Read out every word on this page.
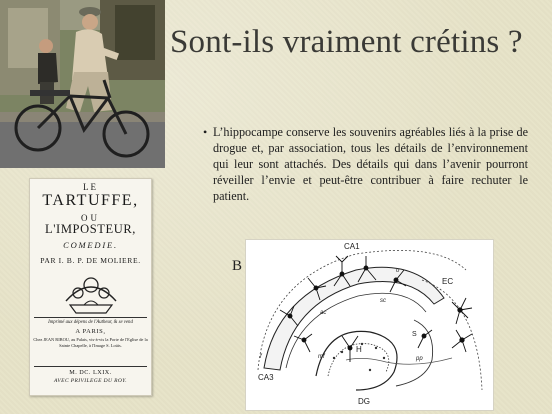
Sont-ils vraiment crétins ?
• L’hippocampe conserve les souvenirs agréables liés à la prise de drogue et, par association, tous les détails de l’environnement qui leur sont attachés. Des détails qui dans l’avenir pourront réveiller l’envie et peut-être contribuer à faire rechuter le patient.
LE
TARTUFFE,
OU
L'IMPOSTEUR,
COMEDIE.
PAR I. B. P. DE MOLIERE.
Imprimé aux dépens de l'Autheur, & se vend
A PARIS,
Chez JEAN RIBOU, au Palais, vis-à-vis la Porte de l'Eglise de la Sainte Chapelle, à l'Image S. Loüis.
M. DC. LXIX.
AVEC PRIVILEGE DU ROY.
B
CA1
CA3
DG
EC
H
S
f
o
pp
mf
sc
ac
